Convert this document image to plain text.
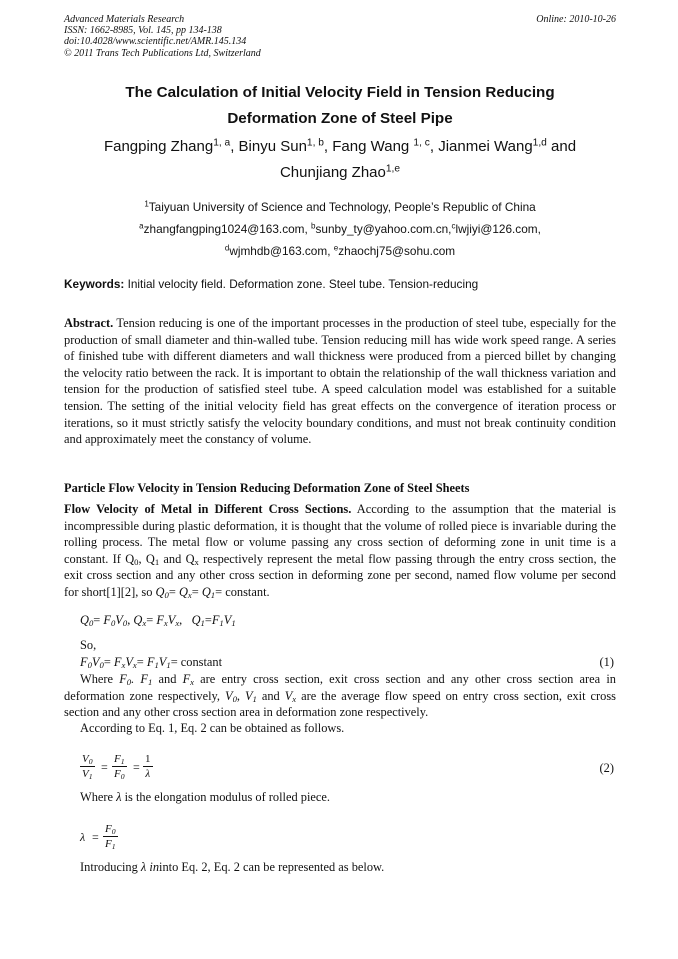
Advanced Materials Research
ISSN: 1662-8985, Vol. 145, pp 134-138
doi:10.4028/www.scientific.net/AMR.145.134
© 2011 Trans Tech Publications Ltd, Switzerland
Online: 2010-10-26
The Calculation of Initial Velocity Field in Tension Reducing
Deformation Zone of Steel Pipe
Fangping Zhang$^{1, a}$, Binyu Sun$^{1, b}$, Fang Wang $^{1, c}$, Jianmei Wang$^{1,d}$ and
Chunjiang Zhao$^{1,e}$
$^1$Taiyuan University of Science and Technology, People’s Republic of China
$^a$zhangfangping1024@163.com, $^b$sunby_ty@yahoo.com.cn,$^c$lwjiyi@126.com,
$^d$wjmhdb@163.com, $^e$zhaochj75@sohu.com
Keywords: Initial velocity field. Deformation zone. Steel tube. Tension-reducing

Abstract. Tension reducing is one of the important processes in the production of steel tube, especially for the production of small diameter and thin-walled tube. Tension reducing mill has wide work speed range. A series of finished tube with different diameters and wall thickness were produced from a pierced billet by changing the velocity ratio between the rack. It is important to obtain the relationship of the wall thickness variation and tension for the production of satisfied steel tube. A speed calculation model was established for a suitable tension. The setting of the initial velocity field has great effects on the convergence of iteration process or iterations, so it must strictly satisfy the velocity boundary conditions, and must not break continuity condition and approximately meet the constancy of volume.

Particle Flow Velocity in Tension Reducing Deformation Zone of Steel Sheets

Flow Velocity of Metal in Different Cross Sections. According to the assumption that the material is incompressible during plastic deformation, it is thought that the volume of rolled piece is invariable during the rolling process. The metal flow or volume passing any cross section of deforming zone in unit time is a constant. If $Q_0$, $Q_1$ and $Q_x$ respectively represent the metal flow passing through the entry cross section, the exit cross section and any other cross section in deforming zone per second, named flow volume per second for short[1][2], so $Q_0= Q_x= Q_1=$ constant.

$Q_0= F_0V_0$, $Q_x= F_xV_x$,   $Q_1=F_1V_1$
So,
$F_0V_0= F_xV_x= F_1V_1=$ constant	(1)

Where $F_0$. $F_1$ and $F_x$ are entry cross section, exit cross section and any other cross section area in deformation zone respectively, $V_0$, $V_1$ and $V_x$ are the average flow speed on entry cross section, exit cross section and any other cross section area in deformation zone respectively.

According to Eq. 1, Eq. 2 can be obtained as follows.
$\frac{V_0}{V_1} = \frac{F_1}{F_0} = \frac{1}{\lambda}$	(2)
Where λ is the elongation modulus of rolled piece.
$\lambda = \frac{F_0}{F_1}$
Introducing λ ininto Eq. 2, Eq. 2 can be represented as below.
